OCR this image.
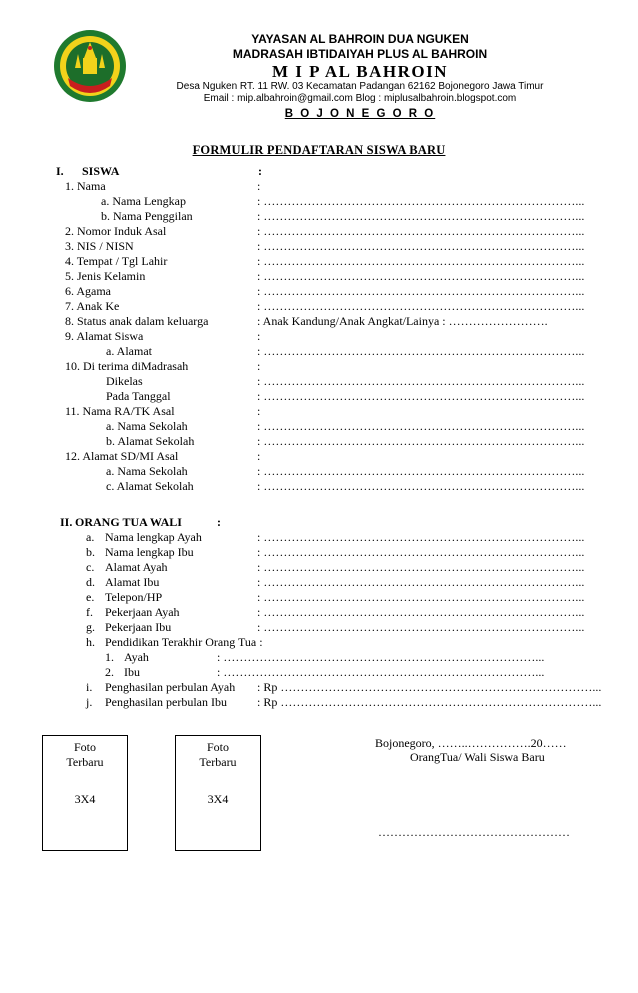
YAYASAN AL BAHROIN DUA NGUKEN
MADRASAH IBTIDAIYAH PLUS AL BAHROIN
M I P AL BAHROIN
Desa Nguken RT. 11 RW. 03 Kecamatan Padangan 62162 Bojonegoro Jawa Timur
Email : mip.albahroin@gmail.com Blog : miplusalbahroin.blogspot.com
B O J O N E G O R O
FORMULIR PENDAFTARAN SISWA BARU
I. SISWA	:
1. Nama	:
a. Nama Lengkap	: ……………………………………………………………………...
b. Nama Penggilan	: ……………………………………………………………………...
2. Nomor Induk Asal	: ……………………………………………………………………...
3. NIS / NISN	: ……………………………………………………………………...
4. Tempat / Tgl Lahir	: ……………………………………………………………………...
5. Jenis Kelamin	: ……………………………………………………………………...
6. Agama	: ……………………………………………………………………...
7. Anak Ke	: ……………………………………………………………………...
8. Status anak dalam keluarga	: Anak Kandung/Anak Angkat/Lainya : …………………….
9. Alamat Siswa	:
a. Alamat	: ……………………………………………………………………...
10. Di terima diMadrasah	:
Dikelas	: ……………………………………………………………………...
Pada Tanggal	: ……………………………………………………………………...
11. Nama RA/TK Asal	:
a. Nama Sekolah	: ……………………………………………………………………...
b. Alamat Sekolah	: ……………………………………………………………………...
12. Alamat SD/MI Asal	:
a. Nama Sekolah	: ……………………………………………………………………...
c. Alamat Sekolah	: ……………………………………………………………………...
II. ORANG TUA WALI	:
a. Nama lengkap Ayah	: ……………………………………………………………………...
b. Nama lengkap Ibu	: ……………………………………………………………………...
c. Alamat Ayah	: ……………………………………………………………………...
d. Alamat Ibu	: ……………………………………………………………………...
e. Telepon/HP	: ……………………………………………………………………...
f. Pekerjaan Ayah	: ……………………………………………………………………...
g. Pekerjaan Ibu	: ……………………………………………………………………...
h. Pendidikan Terakhir Orang Tua :
1. Ayah	: ……………………………………………………………………...
2. Ibu	: ……………………………………………………………………...
i. Penghasilan perbulan Ayah : Rp ……………………………………………………………………...
j. Penghasilan perbulan Ibu	: Rp ……………………………………………………………………...
Foto
Terbaru
3X4
Foto
Terbaru
3X4
Bojonegoro, ……..…………….20……
OrangTua/ Wali Siswa Baru
…………………………………………
